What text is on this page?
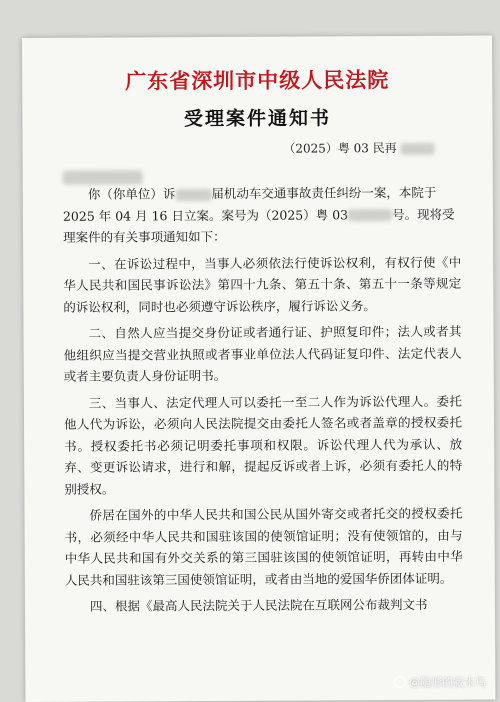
广东省深圳市中级人民法院
受理案件通知书
（2025）粤 03 民再

你（你单位）诉	届机动车交通事故责任纠纷一案，本院于

2025 年 04 月 16 日立案。案号为（2025）粤 03	号。现将受

理案件的有关事项通知如下：

一、在诉讼过程中，当事人必须依法行使诉讼权利，有权行使《中华人民共和国民事诉讼法》第四十九条、第五十条、第五十一条等规定的诉讼权利，同时也必须遵守诉讼秩序，履行诉讼义务。

二、自然人应当提交身份证或者通行证、护照复印件；法人或者其他组织应当提交营业执照或者事业单位法人代码证复印件、法定代表人或者主要负责人身份证明书。

三、当事人、法定代理人可以委托一至二人作为诉讼代理人。委托他人代为诉讼，必须向人民法院提交由委托人签名或者盖章的授权委托书。授权委托书必须记明委托事项和权限。诉讼代理人代为承认、放弃、变更诉讼请求，进行和解，提起反诉或者上诉，必须有委托人的特别授权。

侨居在国外的中华人民共和国公民从国外寄交或者托交的授权委托书，必须经中华人民共和国驻该国的使领馆证明；没有使领馆的，由与中华人民共和国有外交关系的第三国驻该国的使领馆证明，再转由中华人民共和国驻该第三国使领馆证明，或者由当地的爱国华侨团体证明。

四、根据《最高人民法院关于人民法院在互联网公布裁判文书

@隐形的寂木鸟
